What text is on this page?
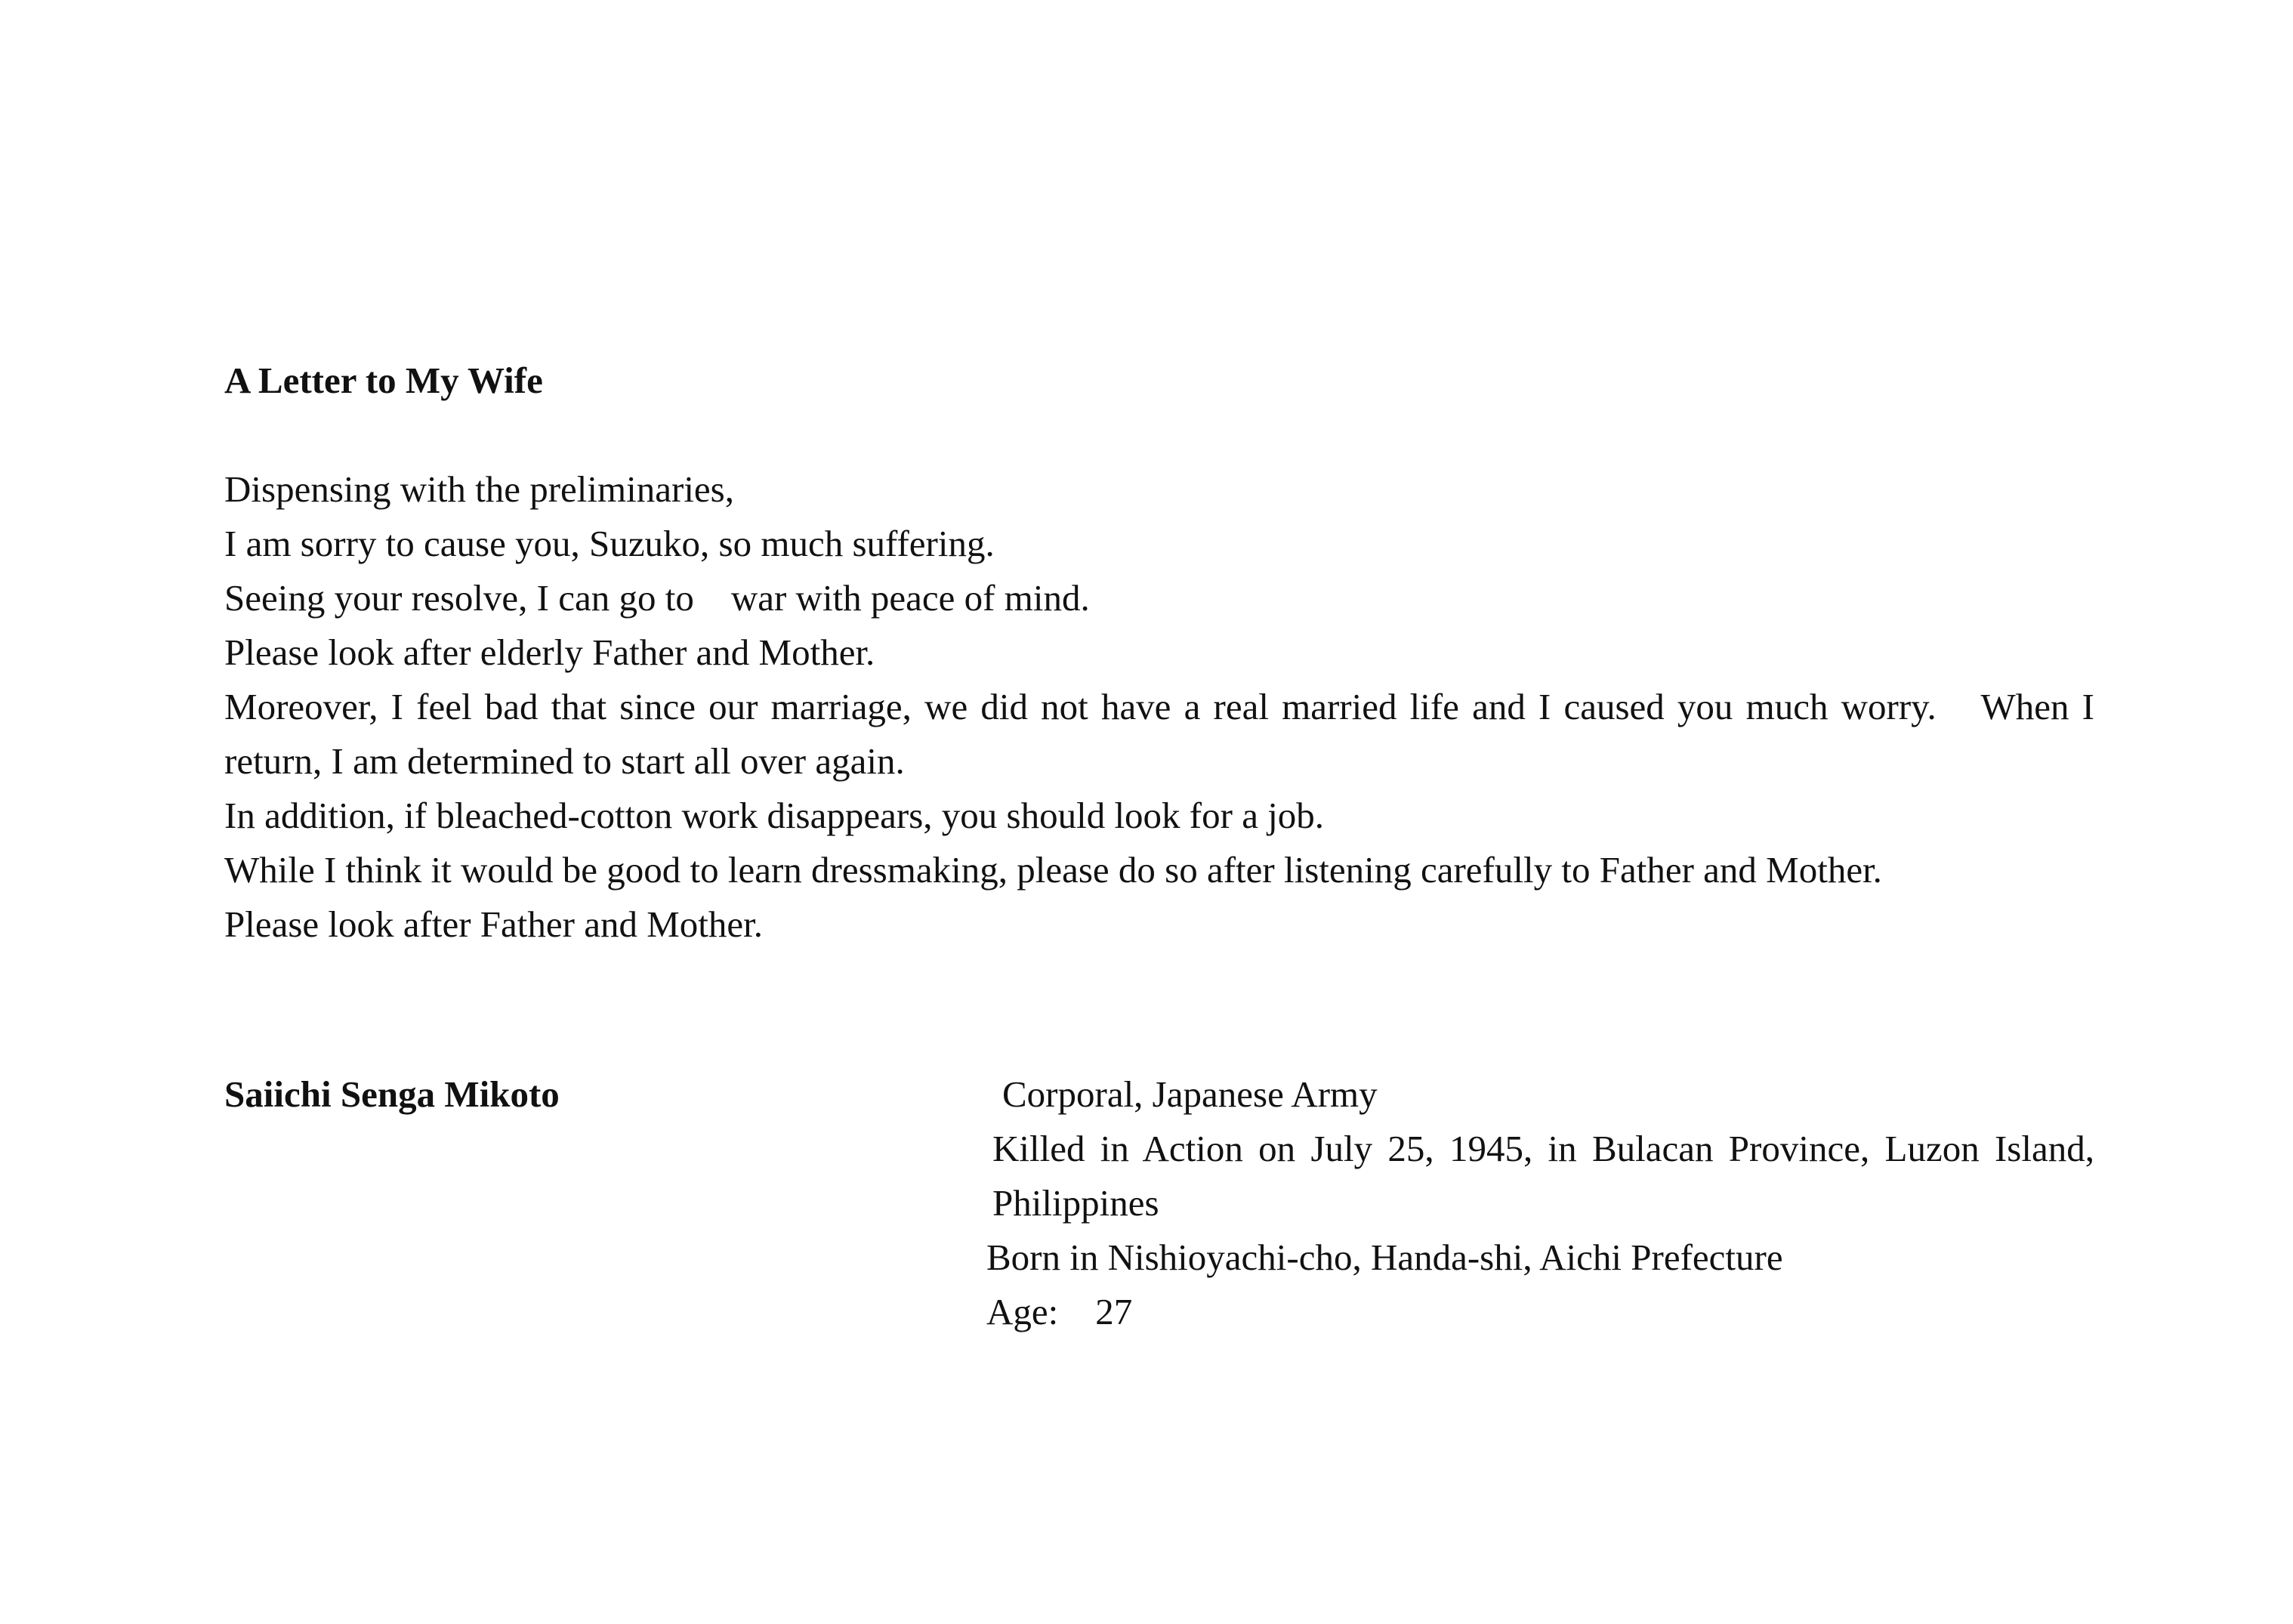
A Letter to My Wife

Dispensing with the preliminaries,

I am sorry to cause you, Suzuko, so much suffering.

Seeing your resolve, I can go to　war with peace of mind.

Please look after elderly Father and Mother.

Moreover, I feel bad that since our marriage, we did not have a real married life and I caused you much worry.　When I return, I am determined to start all over again.

In addition, if bleached-cotton work disappears, you should look for a job.

While I think it would be good to learn dressmaking, please do so after listening carefully to Father and Mother.

Please look after Father and Mother.

Saiichi Senga Mikoto	Corporal, Japanese Army

Killed in Action on July 25, 1945, in Bulacan Province, Luzon Island, Philippines

Born in Nishioyachi-cho, Handa-shi, Aichi Prefecture

Age:　27
